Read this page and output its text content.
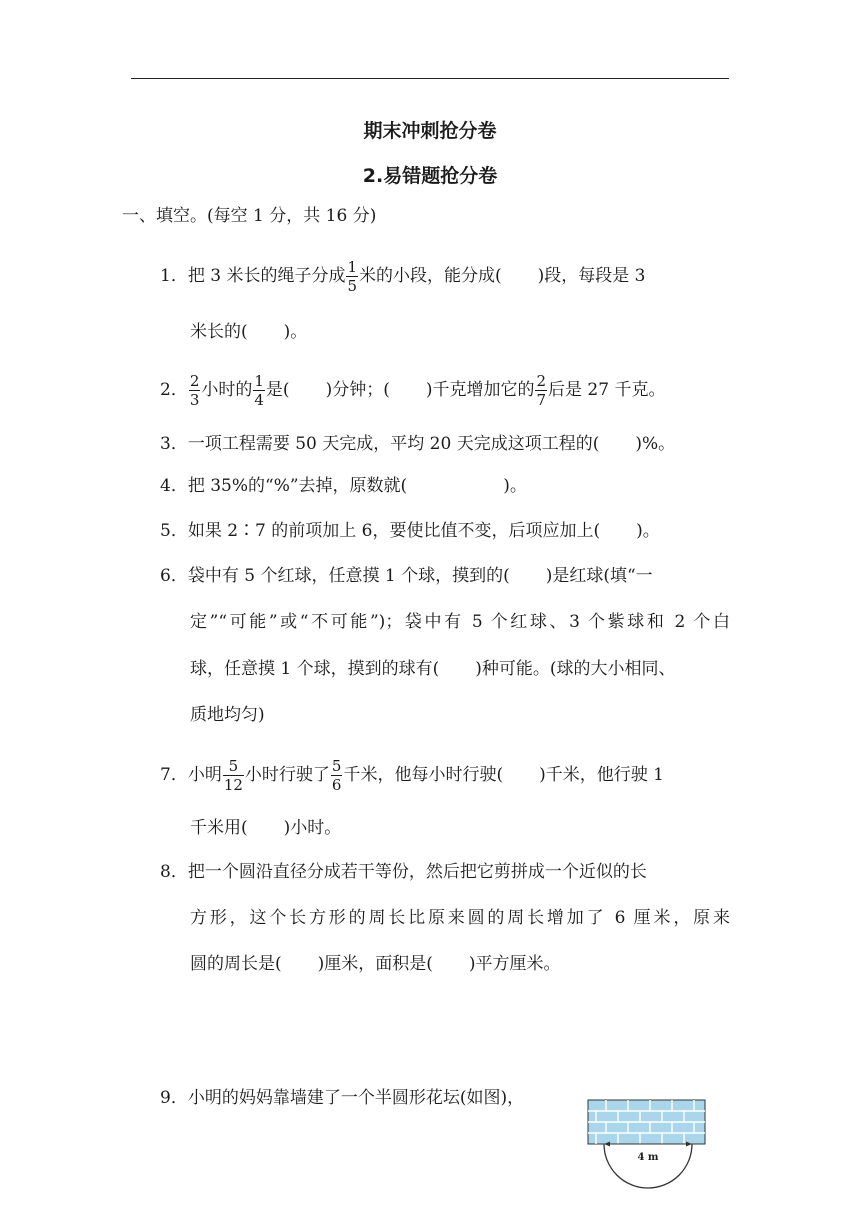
期末冲刺抢分卷
2.易错题抢分卷
一、填空。(每空 1 分，共 16 分)
1．把 3 米长的绳子分成 $\frac{1}{5}$ 米的小段，能分成( )段，每段是 3
米长的( )。
2． $\frac{2}{3}$ 小时的 $\frac{1}{4}$ 是( )分钟；( )千克增加它的 $\frac{2}{7}$ 后是 27 千克。
3．一项工程需要 50 天完成，平均 20 天完成这项工程的( )%。
4．把 35%的“%”去掉，原数就(	)。
5．如果 2∶7 的前项加上 6，要使比值不变，后项应加上( )。
6．袋中有 5 个红球，任意摸 1 个球，摸到的( )是红球(填“一
定”“可能”或“不可能”)；袋中有 5 个红球、3 个紫球和 2 个白
球，任意摸 1 个球，摸到的球有( )种可能。(球的大小相同、
质地均匀)
7．小明 $\frac{5}{12}$ 小时行驶了 $\frac{5}{6}$ 千米，他每小时行驶( )千米，他行驶 1
千米用( )小时。
8．把一个圆沿直径分成若干等份，然后把它剪拼成一个近似的长
方形，这个长方形的周长比原来圆的周长增加了 6 厘米，原来
圆的周长是( )厘米，面积是( )平方厘米。
9．小明的妈妈靠墙建了一个半圆形花坛(如图)，
4 m
